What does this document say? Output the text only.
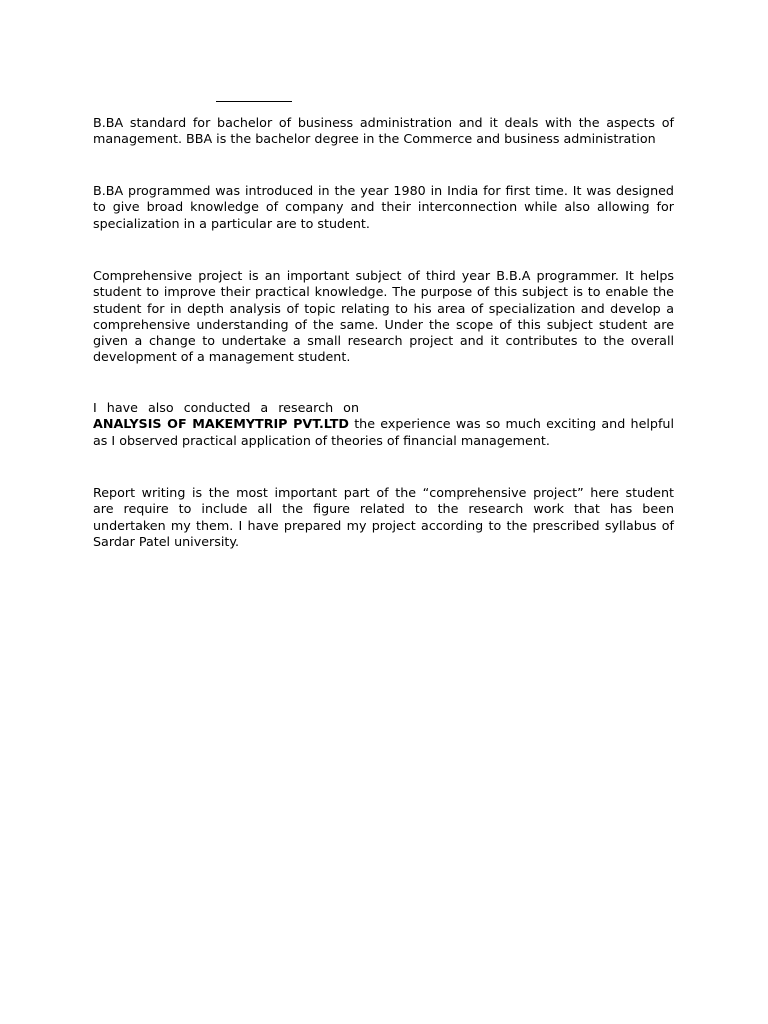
B.BA standard for bachelor of business administration and it deals with the aspects of
management. BBA is the bachelor degree in the Commerce and business administration
B.BA programmed was introduced in the year 1980 in India for first time. It was designed
to give broad knowledge of company and their interconnection while also allowing for
specialization in a particular are to student.
Comprehensive project is an important subject of third year B.B.A programmer. It helps
student to improve their practical knowledge. The purpose of this subject is to enable the
student for in depth analysis of topic relating to his area of specialization and develop a
comprehensive understanding of the same. Under the scope of this subject student are
given a change to undertake a small research project and it contributes to the overall
development of a management student.
I have also conducted a research on
ANALYSIS OF MAKEMYTRIP PVT.LTD the experience was so much exciting and helpful
as I observed practical application of theories of financial management.
Report writing is the most important part of the “comprehensive project” here student
are require to include all the figure related to the research work that has been
undertaken my them. I have prepared my project according to the prescribed syllabus of
Sardar Patel university.
